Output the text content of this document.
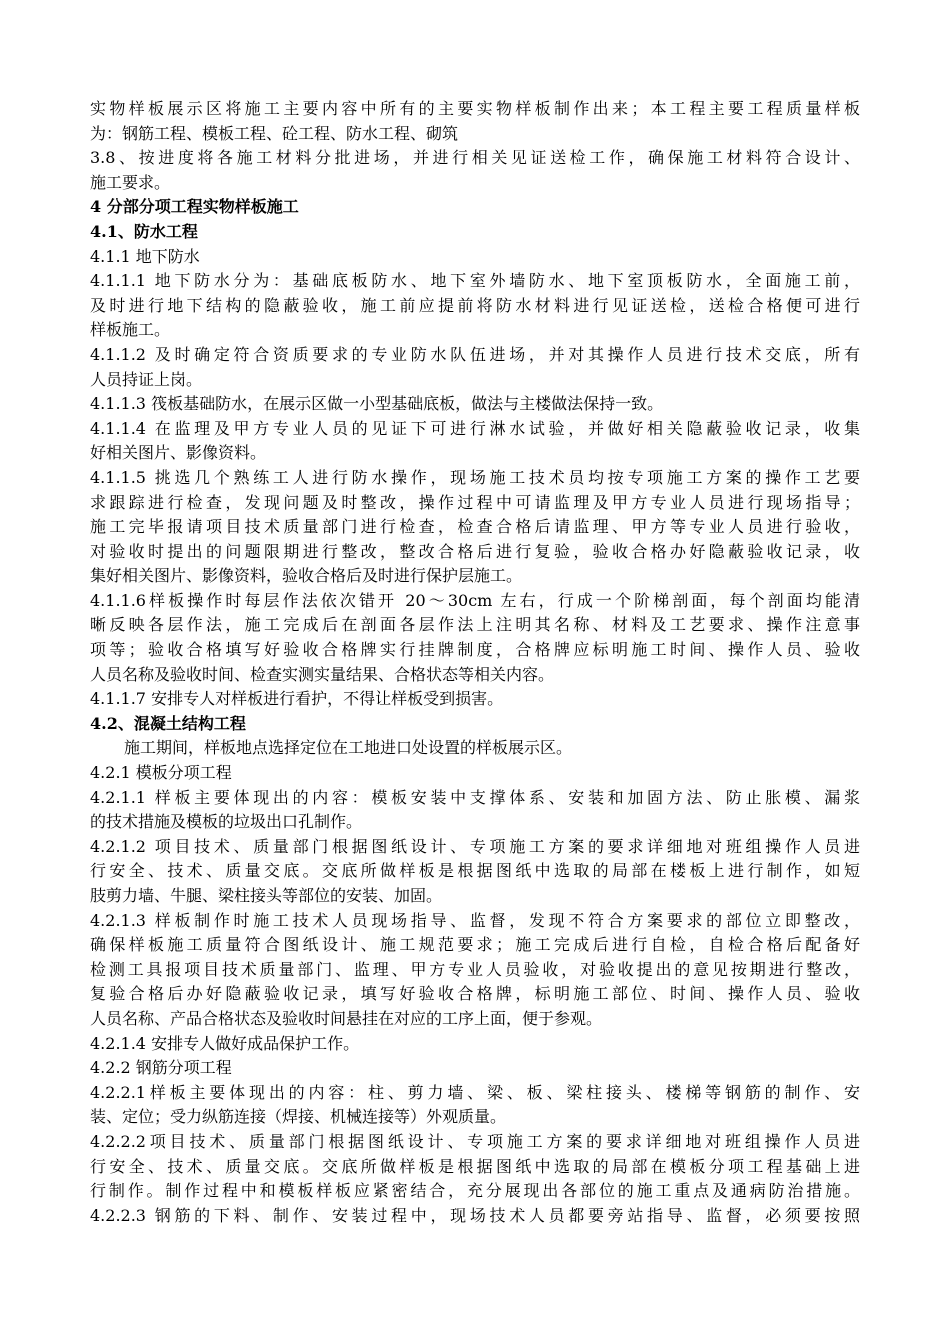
实物样板展示区将施工主要内容中所有的主要实物样板制作出来；本工程主要工程质量样板
为：钢筋工程、模板工程、砼工程、防水工程、砌筑
3.8、按进度将各施工材料分批进场，并进行相关见证送检工作，确保施工材料符合设计、
施工要求。
4 分部分项工程实物样板施工
4.1、防水工程
4.1.1 地下防水
4.1.1.1 地下防水分为：基础底板防水、地下室外墙防水、地下室顶板防水，全面施工前，
及时进行地下结构的隐蔽验收，施工前应提前将防水材料进行见证送检，送检合格便可进行
样板施工。
4.1.1.2 及时确定符合资质要求的专业防水队伍进场，并对其操作人员进行技术交底，所有
人员持证上岗。
4.1.1.3 筏板基础防水，在展示区做一小型基础底板，做法与主楼做法保持一致。
4.1.1.4 在监理及甲方专业人员的见证下可进行淋水试验，并做好相关隐蔽验收记录，收集
好相关图片、影像资料。
4.1.1.5 挑选几个熟练工人进行防水操作，现场施工技术员均按专项施工方案的操作工艺要
求跟踪进行检查，发现问题及时整改，操作过程中可请监理及甲方专业人员进行现场指导；
施工完毕报请项目技术质量部门进行检查，检查合格后请监理、甲方等专业人员进行验收，
对验收时提出的问题限期进行整改，整改合格后进行复验，验收合格办好隐蔽验收记录，收
集好相关图片、影像资料，验收合格后及时进行保护层施工。
4.1.1.6样板操作时每层作法依次错开 20～30cm 左右，行成一个阶梯剖面，每个剖面均能清
晰反映各层作法，施工完成后在剖面各层作法上注明其名称、材料及工艺要求、操作注意事
项等；验收合格填写好验收合格牌实行挂牌制度，合格牌应标明施工时间、操作人员、验收
人员名称及验收时间、检查实测实量结果、合格状态等相关内容。
4.1.1.7 安排专人对样板进行看护，不得让样板受到损害。
4.2、混凝土结构工程
施工期间，样板地点选择定位在工地进口处设置的样板展示区。
4.2.1 模板分项工程
4.2.1.1 样板主要体现出的内容：模板安装中支撑体系、安装和加固方法、防止胀模、漏浆
的技术措施及模板的垃圾出口孔制作。
4.2.1.2 项目技术、质量部门根据图纸设计、专项施工方案的要求详细地对班组操作人员进
行安全、技术、质量交底。交底所做样板是根据图纸中选取的局部在楼板上进行制作，如短
肢剪力墙、牛腿、梁柱接头等部位的安装、加固。
4.2.1.3 样板制作时施工技术人员现场指导、监督，发现不符合方案要求的部位立即整改，
确保样板施工质量符合图纸设计、施工规范要求；施工完成后进行自检，自检合格后配备好
检测工具报项目技术质量部门、监理、甲方专业人员验收，对验收提出的意见按期进行整改，
复验合格后办好隐蔽验收记录，填写好验收合格牌，标明施工部位、时间、操作人员、验收
人员名称、产品合格状态及验收时间悬挂在对应的工序上面，便于参观。
4.2.1.4 安排专人做好成品保护工作。
4.2.2 钢筋分项工程
4.2.2.1样板主要体现出的内容：柱、剪力墙、梁、板、梁柱接头、楼梯等钢筋的制作、安
装、定位；受力纵筋连接（焊接、机械连接等）外观质量。
4.2.2.2项目技术、质量部门根据图纸设计、专项施工方案的要求详细地对班组操作人员进
行安全、技术、质量交底。交底所做样板是根据图纸中选取的局部在模板分项工程基础上进
行制作。制作过程中和模板样板应紧密结合，充分展现出各部位的施工重点及通病防治措施。
4.2.2.3 钢筋的下料、制作、安装过程中，现场技术人员都要旁站指导、监督，必须要按照
